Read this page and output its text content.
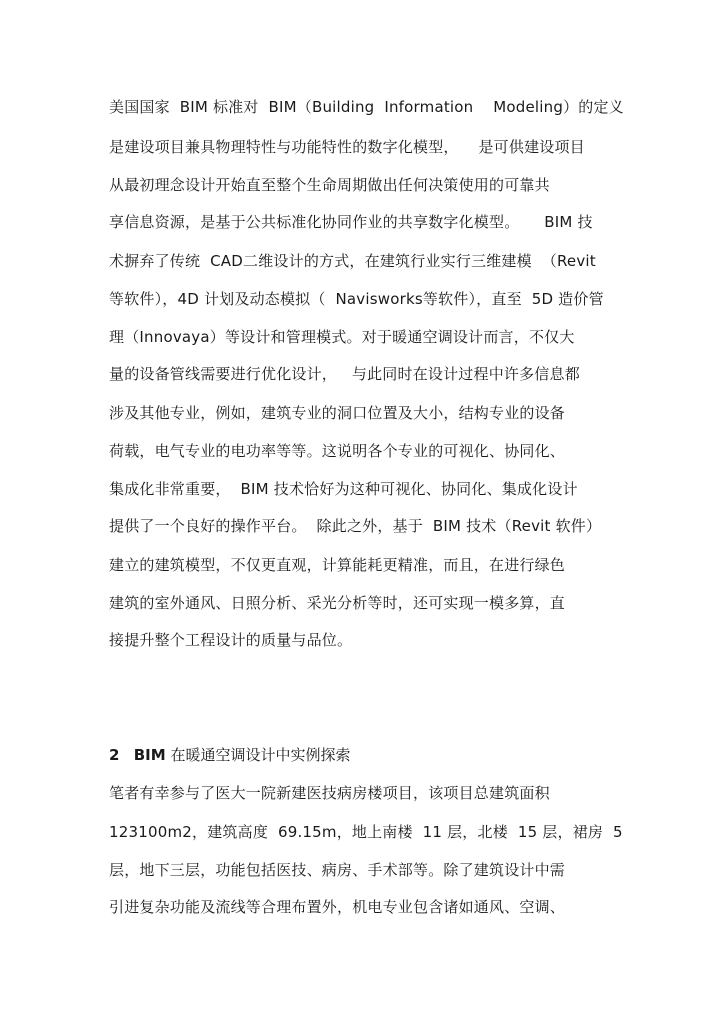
美国国家  BIM 标准对  BIM（Building  Information    Modeling）的定义
是建设项目兼具物理特性与功能特性的数字化模型，    是可供建设项目
从最初理念设计开始直至整个生命周期做出任何决策使用的可靠共
享信息资源，是基于公共标准化协同作业的共享数字化模型。     BIM 技
术摒弃了传统  CAD二维设计的方式，在建筑行业实行三维建模  （Revit
等软件），4D 计划及动态模拟（  Navisworks等软件），直至  5D 造价管
理（Innovaya）等设计和管理模式。对于暖通空调设计而言，不仅大
量的设备管线需要进行优化设计，   与此同时在设计过程中许多信息都
涉及其他专业，例如，建筑专业的洞口位置及大小，结构专业的设备
荷载，电气专业的电功率等等。这说明各个专业的可视化、协同化、
集成化非常重要，  BIM 技术恰好为这种可视化、协同化、集成化设计
提供了一个良好的操作平台。  除此之外，基于  BIM 技术（Revit 软件）
建立的建筑模型，不仅更直观，计算能耗更精准，而且，在进行绿色
建筑的室外通风、日照分析、采光分析等时，还可实现一模多算，直
接提升整个工程设计的质量与品位。
2 BIM 在暖通空调设计中实例探索
笔者有幸参与了医大一院新建医技病房楼项目，该项目总建筑面积
123100m2，建筑高度  69.15m，地上南楼  11 层，北楼  15 层，裙房  5
层，地下三层，功能包括医技、病房、手术部等。除了建筑设计中需
引进复杂功能及流线等合理布置外，机电专业包含诸如通风、空调、
